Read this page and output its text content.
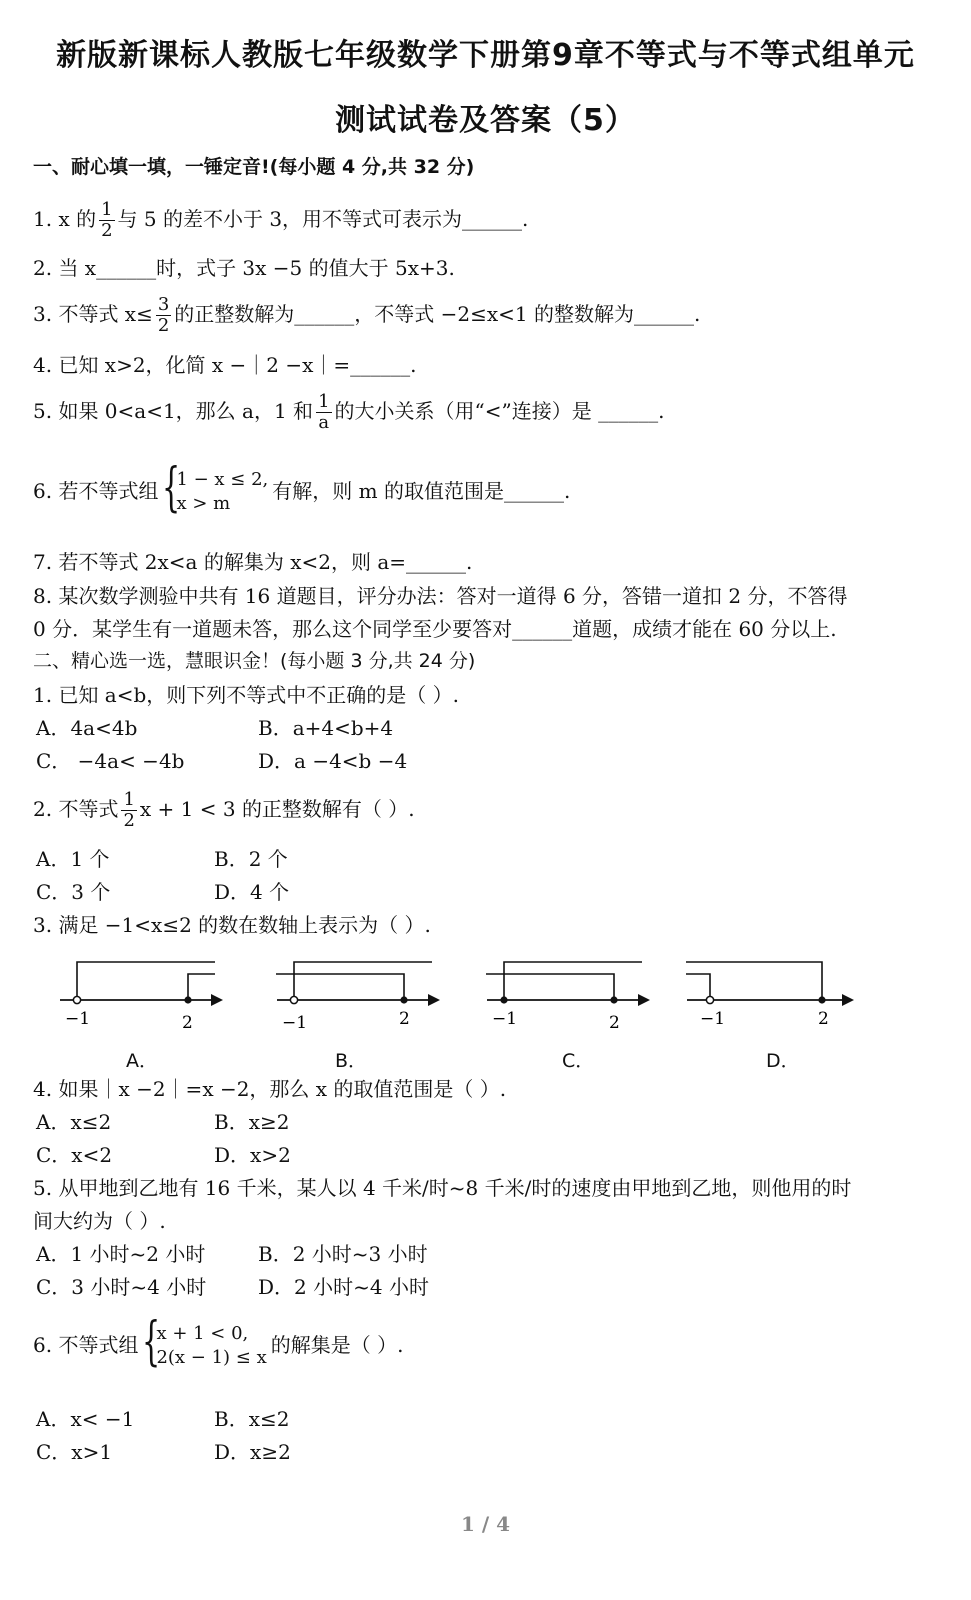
新版新课标人教版七年级数学下册第9章不等式与不等式组单元
测试试卷及答案（5）
一、耐心填一填，一锤定音!(每小题 4 分,共 32 分)
1. x 的 $\frac{1}{2}$ 与 5 的差不小于 3，用不等式可表示为______.
2. 当 x______时，式子 3x −5 的值大于 5x+3.
3. 不等式 $x\le \frac{3}{2}$ 的正整数解为______，不等式 −2≤x<1 的整数解为______.
4. 已知 x>2，化简 x −｜2 −x｜=______.
5. 如果 0<a<1，那么 a，1 和 $\frac{1}{a}$ 的大小关系（用“<”连接）是 ______.
6. 若不等式组 {
1 − x ≤ 2,
x > m
有解，则 m 的取值范围是______.
7. 若不等式 2x<a 的解集为 x<2，则 a=______.
8. 某次数学测验中共有 16 道题目，评分办法：答对一道得 6 分，答错一道扣 2 分，不答得
0 分．某学生有一道题未答，那么这个同学至少要答对______道题，成绩才能在 60 分以上.
二、精心选一选，慧眼识金！(每小题 3 分,共 24 分)
1. 已知 a<b，则下列不等式中不正确的是（ ）.
A．4a<4b	B．a+4<b+4
C． −4a< −4b	D．a −4<b −4
2. 不等式 $\frac{1}{2}$ x + 1 < 3 的正整数解有（ ）.
A．1 个	B．2 个
C．3 个	D．4 个
3. 满足 −1<x≤2 的数在数轴上表示为（ ）.
−1	2	−1	2	−1	2	−1	2
A．	B．	C．	D．
4. 如果｜x −2｜=x −2，那么 x 的取值范围是（ ）.
A．x≤2	B．x≥2
C．x<2	D．x>2
5. 从甲地到乙地有 16 千米，某人以 4 千米/时~8 千米/时的速度由甲地到乙地，则他用的时
间大约为（ ）.
A．1 小时~2 小时	B．2 小时~3 小时
C．3 小时~4 小时	D．2 小时~4 小时
6. 不等式组 {
x + 1 < 0,
2(x − 1) ≤ x
的解集是（ ）.
A．x< −1	B．x≤2
C．x>1	D．x≥2
1 / 4
